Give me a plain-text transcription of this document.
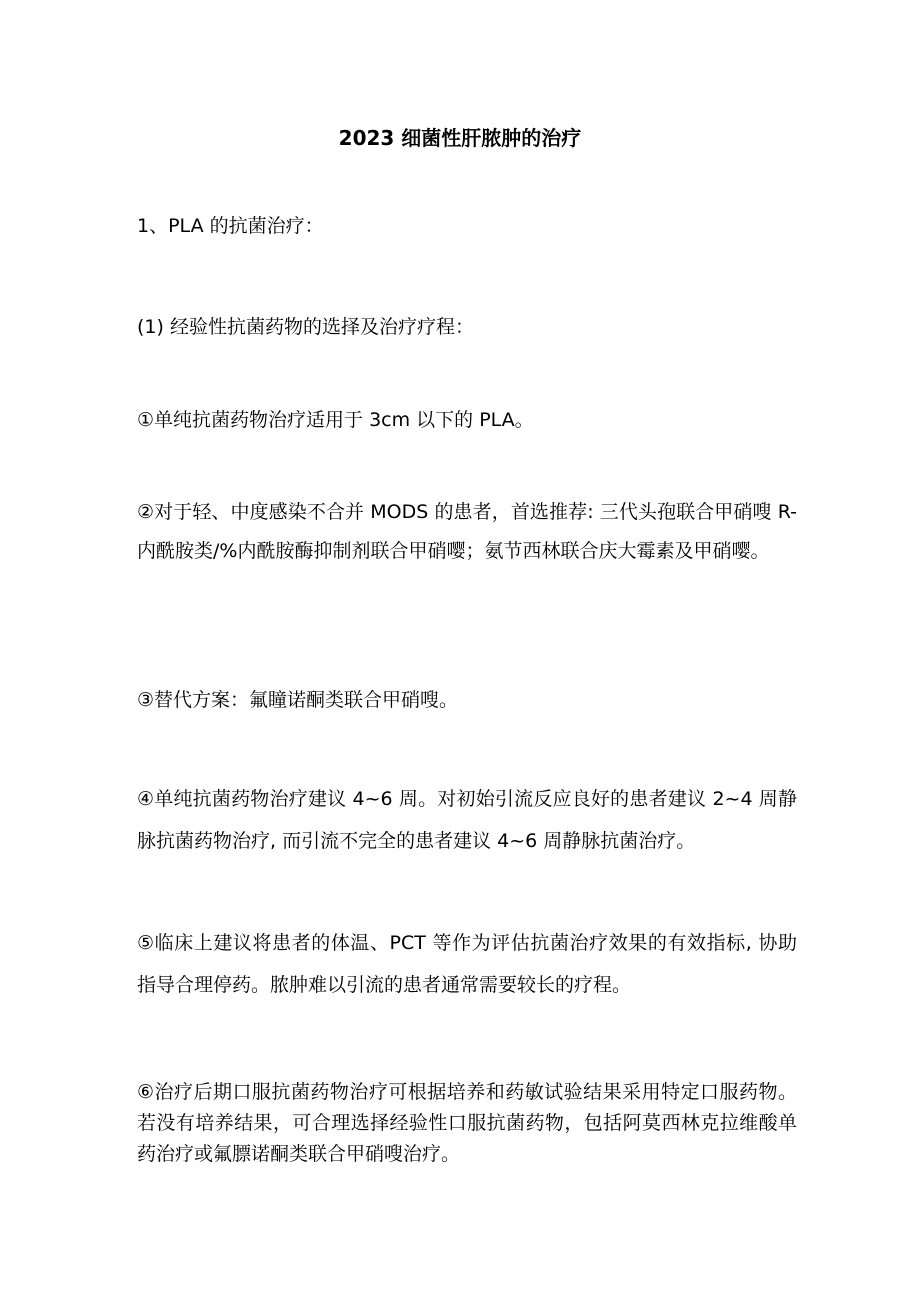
2023 细菌性肝脓肿的治疗
1、PLA 的抗菌治疗：
(1) 经验性抗菌药物的选择及治疗疗程：
①单纯抗菌药物治疗适用于 3cm 以下的 PLA。
②对于轻、中度感染不合并 MODS 的患者，首选推荐: 三代头孢联合甲硝嗖 R-内酰胺类/%内酰胺酶抑制剂联合甲硝嘤；氨节西林联合庆大霉素及甲硝嘤。
③替代方案：氟瞳诺酮类联合甲硝嗖。
④单纯抗菌药物治疗建议 4~6 周。对初始引流反应良好的患者建议 2~4 周静脉抗菌药物治疗, 而引流不完全的患者建议 4~6 周静脉抗菌治疗。
⑤临床上建议将患者的体温、PCT 等作为评估抗菌治疗效果的有效指标, 协助指导合理停药。脓肿难以引流的患者通常需要较长的疗程。
⑥治疗后期口服抗菌药物治疗可根据培养和药敏试验结果采用特定口服药物。若没有培养结果，可合理选择经验性口服抗菌药物，包括阿莫西林克拉维酸单药治疗或氟膘诺酮类联合甲硝嗖治疗。
